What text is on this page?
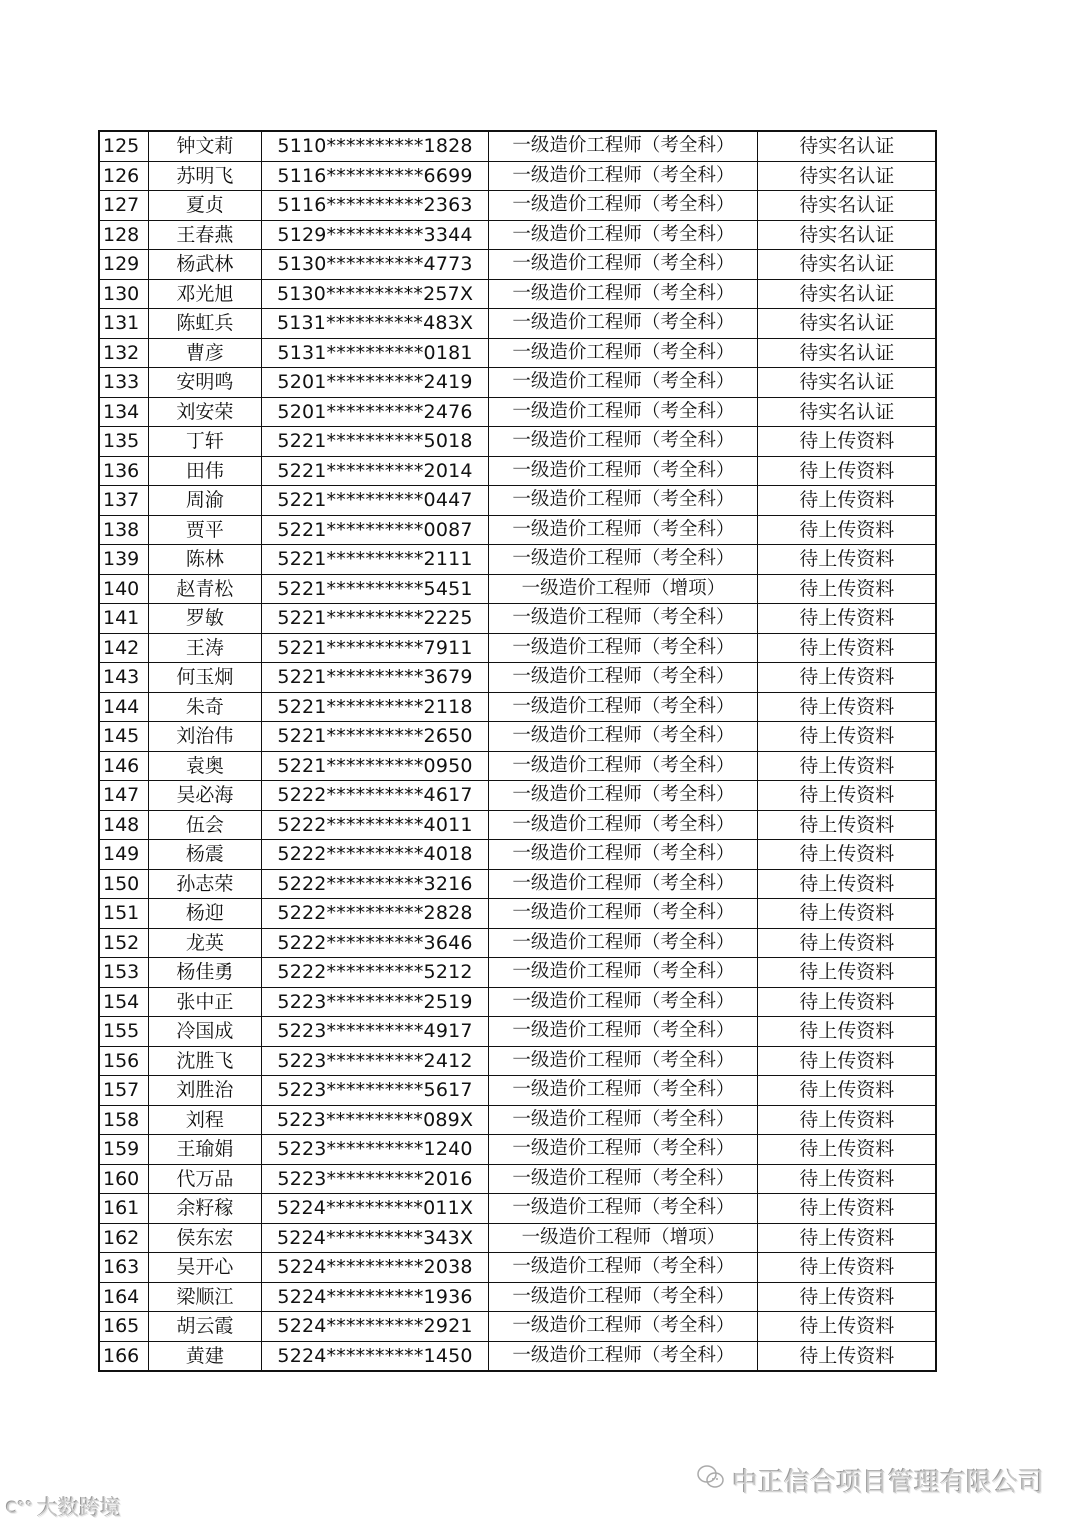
125	钟文莉	5110**********1828	一级造价工程师（考全科）	待实名认证
126	苏明飞	5116**********6699	一级造价工程师（考全科）	待实名认证
127	夏贞	5116**********2363	一级造价工程师（考全科）	待实名认证
128	王春燕	5129**********3344	一级造价工程师（考全科）	待实名认证
129	杨武林	5130**********4773	一级造价工程师（考全科）	待实名认证
130	邓光旭	5130**********257X	一级造价工程师（考全科）	待实名认证
131	陈虹兵	5131**********483X	一级造价工程师（考全科）	待实名认证
132	曹彦	5131**********0181	一级造价工程师（考全科）	待实名认证
133	安明鸣	5201**********2419	一级造价工程师（考全科）	待实名认证
134	刘安荣	5201**********2476	一级造价工程师（考全科）	待实名认证
135	丁轩	5221**********5018	一级造价工程师（考全科）	待上传资料
136	田伟	5221**********2014	一级造价工程师（考全科）	待上传资料
137	周渝	5221**********0447	一级造价工程师（考全科）	待上传资料
138	贾平	5221**********0087	一级造价工程师（考全科）	待上传资料
139	陈林	5221**********2111	一级造价工程师（考全科）	待上传资料
140	赵青松	5221**********5451	一级造价工程师（增项）	待上传资料
141	罗敏	5221**********2225	一级造价工程师（考全科）	待上传资料
142	王涛	5221**********7911	一级造价工程师（考全科）	待上传资料
143	何玉炯	5221**********3679	一级造价工程师（考全科）	待上传资料
144	朱奇	5221**********2118	一级造价工程师（考全科）	待上传资料
145	刘治伟	5221**********2650	一级造价工程师（考全科）	待上传资料
146	袁奥	5221**********0950	一级造价工程师（考全科）	待上传资料
147	吴必海	5222**********4617	一级造价工程师（考全科）	待上传资料
148	伍会	5222**********4011	一级造价工程师（考全科）	待上传资料
149	杨震	5222**********4018	一级造价工程师（考全科）	待上传资料
150	孙志荣	5222**********3216	一级造价工程师（考全科）	待上传资料
151	杨迎	5222**********2828	一级造价工程师（考全科）	待上传资料
152	龙英	5222**********3646	一级造价工程师（考全科）	待上传资料
153	杨佳勇	5222**********5212	一级造价工程师（考全科）	待上传资料
154	张中正	5223**********2519	一级造价工程师（考全科）	待上传资料
155	冷国成	5223**********4917	一级造价工程师（考全科）	待上传资料
156	沈胜飞	5223**********2412	一级造价工程师（考全科）	待上传资料
157	刘胜治	5223**********5617	一级造价工程师（考全科）	待上传资料
158	刘程	5223**********089X	一级造价工程师（考全科）	待上传资料
159	王瑜娟	5223**********1240	一级造价工程师（考全科）	待上传资料
160	代万品	5223**********2016	一级造价工程师（考全科）	待上传资料
161	余籽稼	5224**********011X	一级造价工程师（考全科）	待上传资料
162	侯东宏	5224**********343X	一级造价工程师（增项）	待上传资料
163	吴开心	5224**********2038	一级造价工程师（考全科）	待上传资料
164	梁顺江	5224**********1936	一级造价工程师（考全科）	待上传资料
165	胡云霞	5224**********2921	一级造价工程师（考全科）	待上传资料
166	黄建	5224**********1450	一级造价工程师（考全科）	待上传资料
中正信合项目管理有限公司
C°° 大数跨境
